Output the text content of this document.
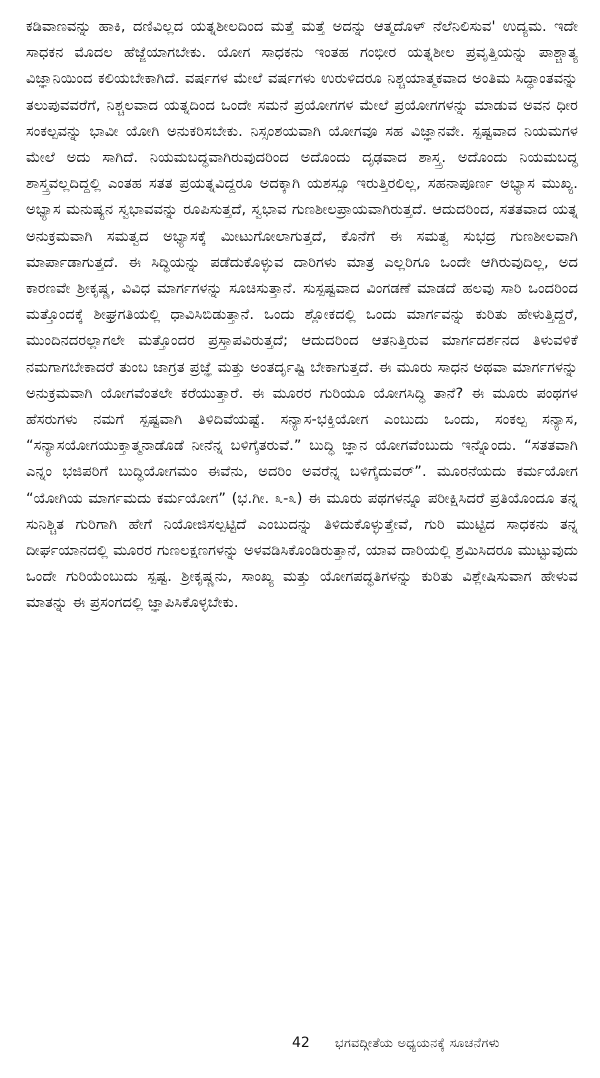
ಕಡಿವಾಣವನ್ನು ಹಾಕಿ, ದಣಿವಿಲ್ಲದ ಯತ್ನಶೀಲದಿಂದ ಮತ್ತೆ ಮತ್ತೆ ಅದನ್ನು ಆತ್ಮದೊಳ್ ನೆಲೆನಿಲಿಸುವ' ಉದ್ಯಮ. ಇದೇ ಸಾಧಕನ ಮೊದಲ ಹೆಜ್ಜೆಯಾಗಬೇಕು. ಯೋಗ ಸಾಧಕನು ಇಂತಹ ಗಂಭೀರ ಯತ್ನಶೀಲ ಪ್ರವೃತ್ತಿಯನ್ನು ಪಾಶ್ಚಾತ್ಯ ವಿಜ್ಞಾನಿಯಿಂದ ಕಲಿಯಬೇಕಾಗಿದೆ. ವರ್ಷಗಳ ಮೇಲೆ ವರ್ಷಗಳು ಉರುಳಿದರೂ ನಿಶ್ಚಯಾತ್ಮಕವಾದ ಅಂತಿಮ ಸಿದ್ಧಾಂತವನ್ನು ತಲುಪುವವರೆಗೆ, ನಿಶ್ಚಲವಾದ ಯತ್ನದಿಂದ ಒಂದೇ ಸಮನೆ ಪ್ರಯೋಗಗಳ ಮೇಲೆ ಪ್ರಯೋಗಗಳನ್ನು ಮಾಡುವ ಅವನ ಧೀರ ಸಂಕಲ್ಪವನ್ನು ಭಾವೀ ಯೋಗಿ ಅನುಕರಿಸಬೇಕು. ನಿಸ್ಸಂಶಯವಾಗಿ ಯೋಗವೂ ಸಹ ವಿಜ್ಞಾನವೇ. ಸ್ಪಷ್ಟವಾದ ನಿಯಮಗಳ ಮೇಲೆ ಅದು ಸಾಗಿದೆ. ನಿಯಮಬದ್ಧವಾಗಿರುವುದರಿಂದ ಅದೊಂದು ದೃಢವಾದ ಶಾಸ್ತ್ರ. ಅದೊಂದು ನಿಯಮಬದ್ಧ ಶಾಸ್ತ್ರವಲ್ಲದಿದ್ದಲ್ಲಿ ಎಂತಹ ಸತತ ಪ್ರಯತ್ನವಿದ್ದರೂ ಅದಕ್ಕಾಗಿ ಯಶಸ್ಸೂ ಇರುತ್ತಿರಲಿಲ್ಲ, ಸಹನಾಪೂರ್ಣ ಅಭ್ಯಾಸ ಮುಖ್ಯ. ಅಭ್ಯಾಸ ಮನುಷ್ಯನ ಸ್ವಭಾವವನ್ನು ರೂಪಿಸುತ್ತದೆ, ಸ್ವಭಾವ ಗುಣಶೀಲಪ್ರಾಯವಾಗಿರುತ್ತದೆ. ಆದುದರಿಂದ, ಸತತವಾದ ಯತ್ನ ಅನುಕ್ರಮವಾಗಿ ಸಮತ್ವದ ಅಭ್ಯಾಸಕ್ಕೆ ಮೀಟುಗೋಲಾಗುತ್ತದೆ, ಕೊನೆಗೆ ಈ ಸಮತ್ವ ಸುಭದ್ರ ಗುಣಶೀಲವಾಗಿ ಮಾರ್ಪಾಡಾಗುತ್ತದೆ. ಈ ಸಿದ್ಧಿಯನ್ನು ಪಡೆದುಕೊಳ್ಳುವ ದಾರಿಗಳು ಮಾತ್ರ ಎಲ್ಲರಿಗೂ ಒಂದೇ ಆಗಿರುವುದಿಲ್ಲ, ಅದ ಕಾರಣವೇ ಶ್ರೀಕೃಷ್ಣ, ವಿವಿಧ ಮಾರ್ಗಗಳನ್ನು ಸೂಚಿಸುತ್ತಾನೆ. ಸುಸ್ಪಷ್ಟವಾದ ವಿಂಗಡಣೆ ಮಾಡದೆ ಹಲವು ಸಾರಿ ಒಂದರಿಂದ ಮತ್ತೊಂದಕ್ಕೆ ಶೀಘ್ರಗತಿಯಲ್ಲಿ ಧಾವಿಸಿಬಿಡುತ್ತಾನೆ. ಒಂದು ಶ್ಲೋಕದಲ್ಲಿ ಒಂದು ಮಾರ್ಗವನ್ನು ಕುರಿತು ಹೇಳುತ್ತಿದ್ದರೆ, ಮುಂದಿನದರಲ್ಲಾಗಲೇ ಮತ್ತೊಂದರ ಪ್ರಸ್ತಾಪವಿರುತ್ತದೆ; ಆದುದರಿಂದ ಆತನಿತ್ತಿರುವ ಮಾರ್ಗದರ್ಶನದ ತಿಳುವಳಿಕೆ ನಮಗಾಗಬೇಕಾದರೆ ತುಂಬ ಜಾಗ್ರತ ಪ್ರಜ್ಞೆ ಮತ್ತು ಅಂತರ್ದೃಷ್ಟಿ ಬೇಕಾಗುತ್ತದೆ. ಈ ಮೂರು ಸಾಧನ ಅಥವಾ ಮಾರ್ಗಗಳನ್ನು ಅನುಕ್ರಮವಾಗಿ ಯೋಗವೆಂತಲೇ ಕರೆಯುತ್ತಾರೆ. ಈ ಮೂರರ ಗುರಿಯೂ ಯೋಗಸಿದ್ಧಿ ತಾನೆ? ಈ ಮೂರು ಪಂಥಗಳ ಹೆಸರುಗಳು ನಮಗೆ ಸ್ಪಷ್ಟವಾಗಿ ತಿಳಿದಿವೆಯಷ್ಟೆ. ಸನ್ಯಾಸ-ಭಕ್ತಿಯೋಗ ಎಂಬುದು ಒಂದು, ಸಂಕಲ್ಪ ಸನ್ಯಾಸ, “ಸನ್ಯಾಸಯೋಗಯುಕ್ತಾತ್ಮನಾಡೊಡೆ ನೀನೆನ್ನ ಬಳಿಗೈತರುವೆ.” ಬುದ್ಧಿ ಜ್ಞಾನ ಯೋಗವೆಂಬುದು ಇನ್ನೊಂದು. “ಸತತವಾಗಿ ಎನ್ನಂ ಭಜಿಪರಿಗೆ ಬುದ್ಧಿಯೋಗಮಂ ಈವೆನು, ಅದರಿಂ ಅವರೆನ್ನ ಬಳಿಗೈದುವರ್”. ಮೂರನೆಯದು ಕರ್ಮಯೋಗ “ಯೋಗಿಯ ಮಾರ್ಗಮದು ಕರ್ಮಯೋಗ” (ಭ.ಗೀ. ೩-೩) ಈ ಮೂರು ಪಥಗಳನ್ನೂ ಪರೀಕ್ಷಿಸಿದರೆ ಪ್ರತಿಯೊಂದೂ ತನ್ನ ಸುನಿಶ್ಚಿತ ಗುರಿಗಾಗಿ ಹೇಗೆ ನಿಯೋಜಿಸಲ್ಪಟ್ಟಿದೆ ಎಂಬುದನ್ನು ತಿಳಿದುಕೊಳ್ಳುತ್ತೇವೆ, ಗುರಿ ಮುಟ್ಟಿದ ಸಾಧಕನು ತನ್ನ ದೀರ್ಘಯಾನದಲ್ಲಿ ಮೂರರ ಗುಣಲಕ್ಷಣಗಳನ್ನು ಅಳವಡಿಸಿಕೊಂಡಿರುತ್ತಾನೆ, ಯಾವ ದಾರಿಯಲ್ಲಿ ಶ್ರಮಿಸಿದರೂ ಮುಟ್ಟುವುದು ಒಂದೇ ಗುರಿಯೆಂಬುದು ಸ್ಪಷ್ಟ. ಶ್ರೀಕೃಷ್ಣನು, ಸಾಂಖ್ಯ ಮತ್ತು ಯೋಗಪದ್ಧತಿಗಳನ್ನು ಕುರಿತು ವಿಶ್ಲೇಷಿಸುವಾಗ ಹೇಳುವ ಮಾತನ್ನು ಈ ಪ್ರಸಂಗದಲ್ಲಿ ಜ್ಞಾಪಿಸಿಕೊಳ್ಳಬೇಕು.

42 ಭಗವದ್ಗೀತೆಯ ಅಧ್ಯಯನಕ್ಕೆ ಸೂಚನೆಗಳು
